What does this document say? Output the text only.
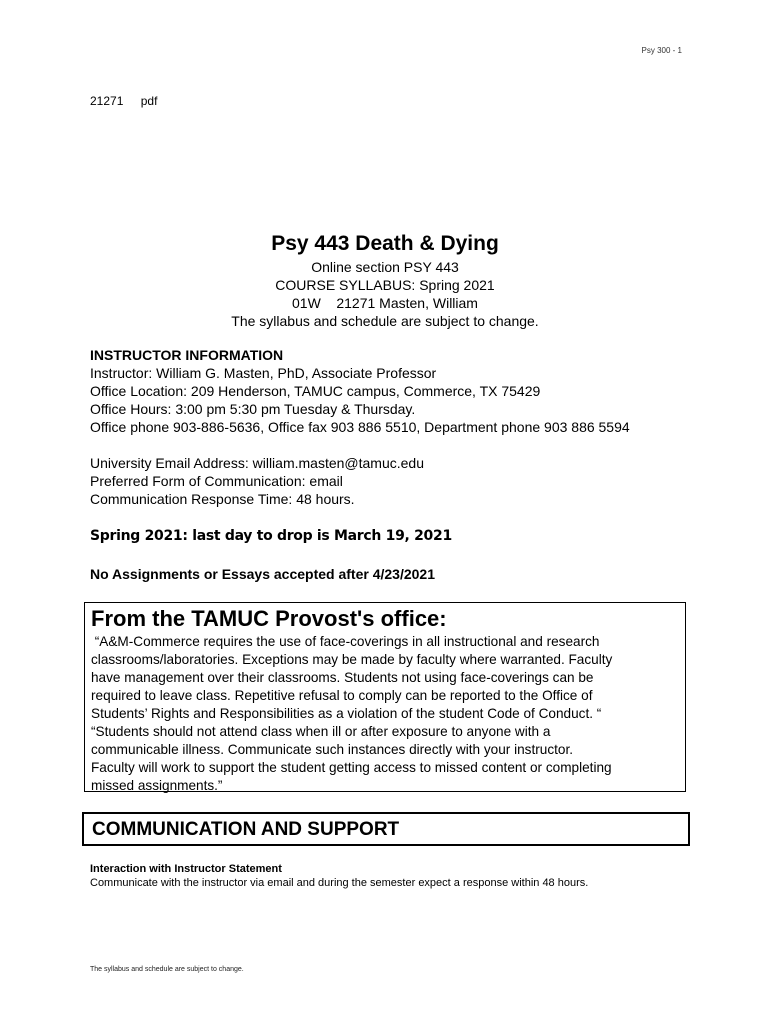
Psy 300 - 1
21271 pdf
Psy 443 Death & Dying
Online section PSY 443
COURSE SYLLABUS: Spring 2021
01W    21271 Masten, William
The syllabus and schedule are subject to change.
INSTRUCTOR INFORMATION
Instructor: William G. Masten, PhD, Associate Professor
Office Location: 209 Henderson, TAMUC campus, Commerce, TX 75429
Office Hours: 3:00 pm 5:30 pm Tuesday & Thursday.
Office phone 903-886-5636, Office fax 903 886 5510, Department phone 903 886 5594
University Email Address: william.masten@tamuc.edu
Preferred Form of Communication: email
Communication Response Time: 48 hours.
Spring 2021: last day to drop is March 19, 2021
No Assignments or Essays accepted after 4/23/2021
From the TAMUC Provost's office:
“A&M-Commerce requires the use of face-coverings in all instructional and research
classrooms/laboratories. Exceptions may be made by faculty where warranted. Faculty
have management over their classrooms. Students not using face-coverings can be
required to leave class. Repetitive refusal to comply can be reported to the Office of
Students’ Rights and Responsibilities as a violation of the student Code of Conduct. “
“Students should not attend class when ill or after exposure to anyone with a
communicable illness. Communicate such instances directly with your instructor.
Faculty will work to support the student getting access to missed content or completing
missed assignments.”
COMMUNICATION AND SUPPORT
Interaction with Instructor Statement
Communicate with the instructor via email and during the semester expect a response within 48 hours.
The syllabus and schedule are subject to change.
